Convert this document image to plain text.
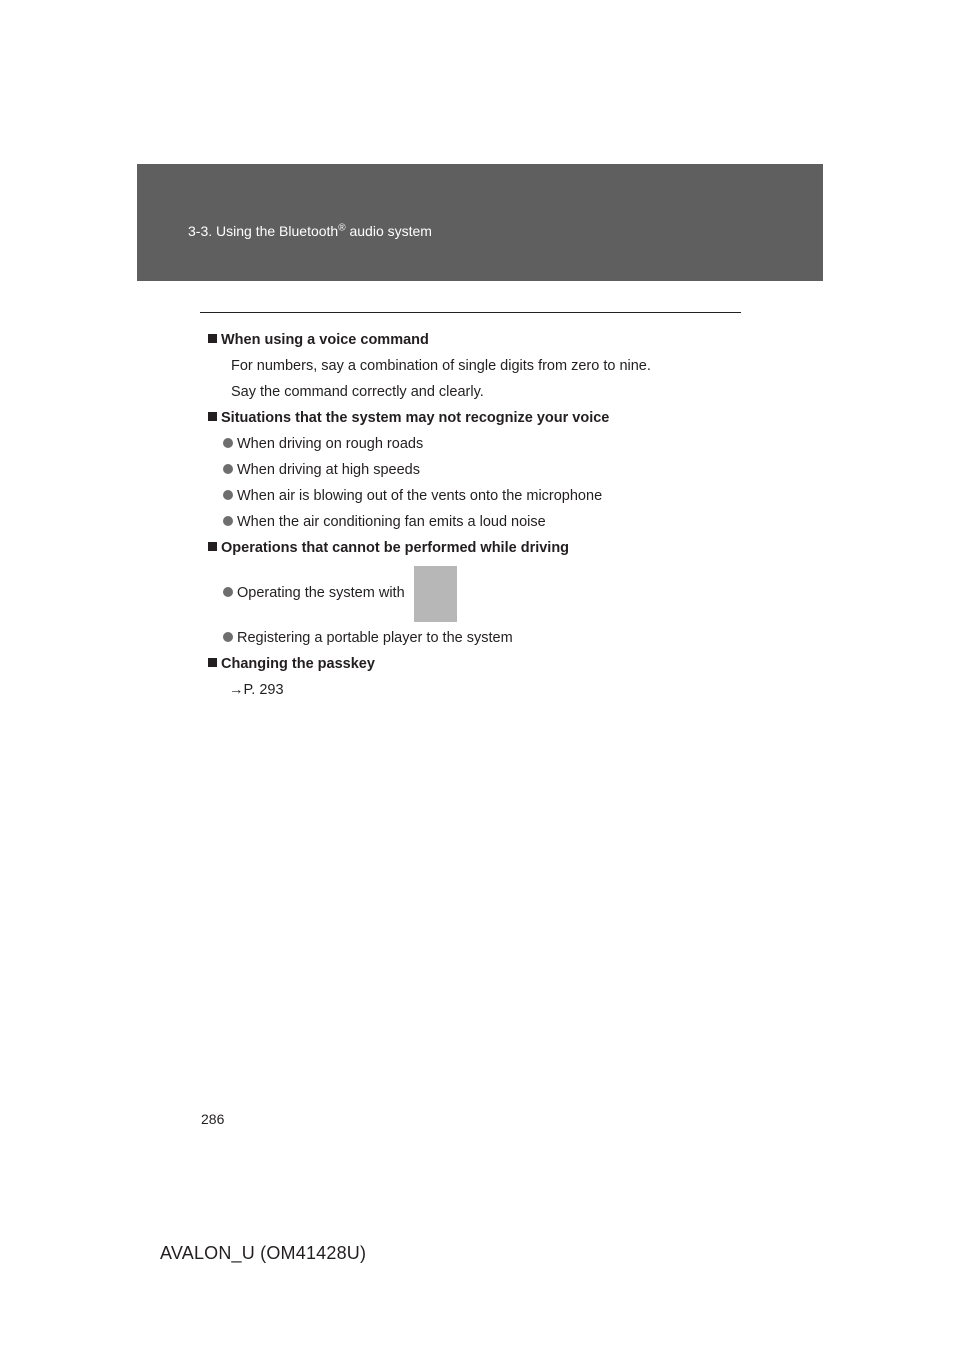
3-3. Using the Bluetooth® audio system
When using a voice command
For numbers, say a combination of single digits from zero to nine.
Say the command correctly and clearly.
Situations that the system may not recognize your voice
When driving on rough roads
When driving at high speeds
When air is blowing out of the vents onto the microphone
When the air conditioning fan emits a loud noise
Operations that cannot be performed while driving
Operating the system with
Registering a portable player to the system
Changing the passkey
→P. 293
286
AVALON_U (OM41428U)
